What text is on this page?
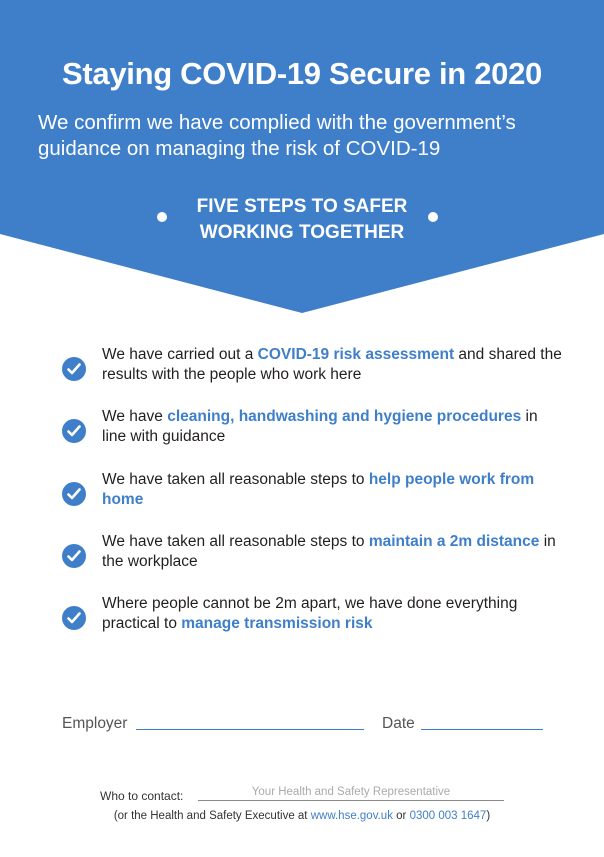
Staying COVID-19 Secure in 2020
We confirm we have complied with the government’s
guidance on managing the risk of COVID-19
FIVE STEPS TO SAFER
WORKING TOGETHER
We have carried out a COVID-19 risk assessment and shared the results with the people who work here
We have cleaning, handwashing and hygiene procedures in line with guidance
We have taken all reasonable steps to help people work from home
We have taken all reasonable steps to maintain a 2m distance in the workplace
Where people cannot be 2m apart, we have done everything practical to manage transmission risk
Employer	Date
Who to contact:	Your Health and Safety Representative
(or the Health and Safety Executive at www.hse.gov.uk or 0300 003 1647)
